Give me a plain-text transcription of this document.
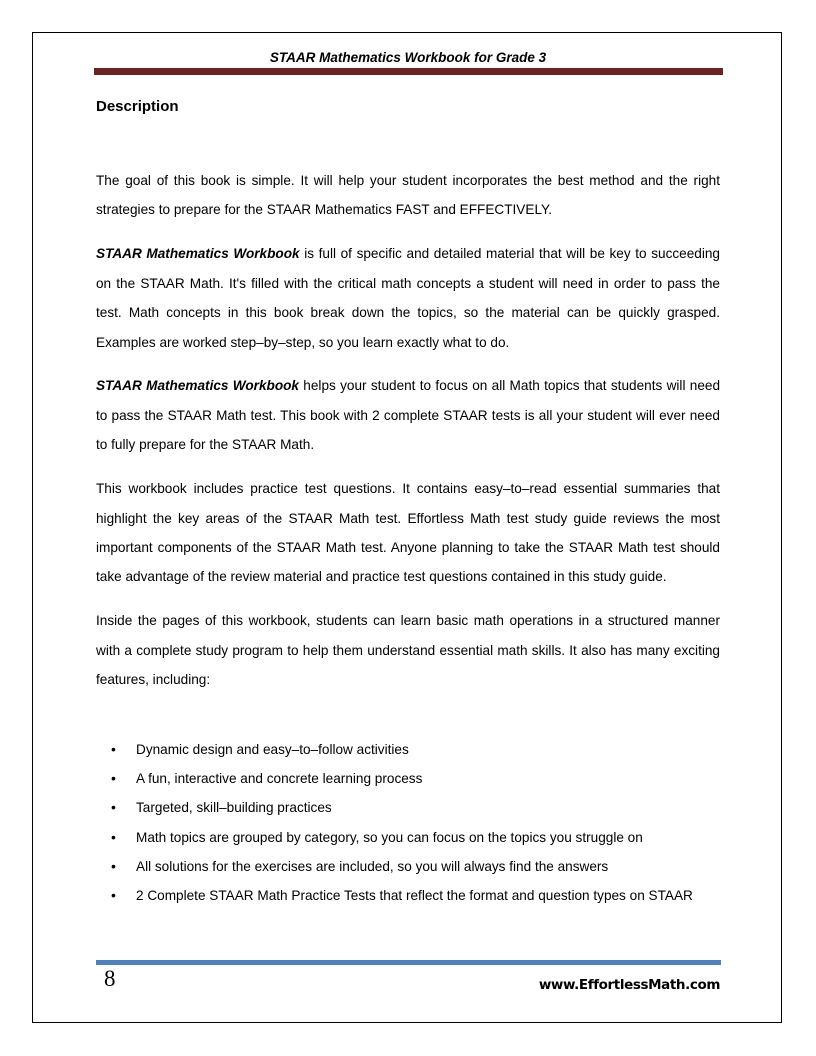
STAAR Mathematics Workbook for Grade 3
Description

The goal of this book is simple. It will help your student incorporates the best method and the right strategies to prepare for the STAAR Mathematics FAST and EFFECTIVELY.

STAAR Mathematics Workbook is full of specific and detailed material that will be key to succeeding on the STAAR Math. It's filled with the critical math concepts a student will need in order to pass the test. Math concepts in this book break down the topics, so the material can be quickly grasped. Examples are worked step–by–step, so you learn exactly what to do.

STAAR Mathematics Workbook helps your student to focus on all Math topics that students will need to pass the STAAR Math test. This book with 2 complete STAAR tests is all your student will ever need to fully prepare for the STAAR Math.

This workbook includes practice test questions. It contains easy–to–read essential summaries that highlight the key areas of the STAAR Math test. Effortless Math test study guide reviews the most important components of the STAAR Math test. Anyone planning to take the STAAR Math test should take advantage of the review material and practice test questions contained in this study guide.

Inside the pages of this workbook, students can learn basic math operations in a structured manner with a complete study program to help them understand essential math skills. It also has many exciting features, including:

• Dynamic design and easy–to–follow activities
• A fun, interactive and concrete learning process
• Targeted, skill–building practices
• Math topics are grouped by category, so you can focus on the topics you struggle on
• All solutions for the exercises are included, so you will always find the answers
• 2 Complete STAAR Math Practice Tests that reflect the format and question types on STAAR
8	www.EffortlessMath.com
